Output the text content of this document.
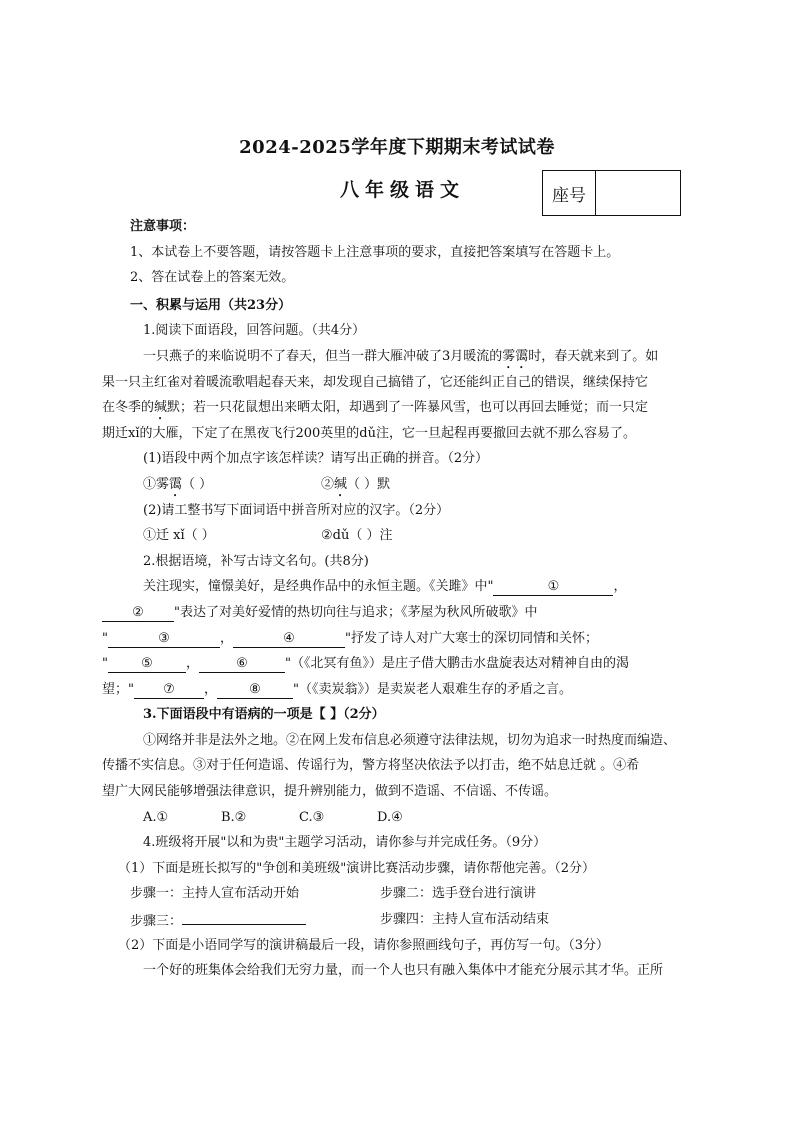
2024-2025学年度下期期末考试试卷
八年级语文	座号
注意事项：
1、本试卷上不要答题，请按答题卡上注意事项的要求，直接把答案填写在答题卡上。
2、答在试卷上的答案无效。
一、积累与运用（共23分）
1.阅读下面语段，回答问题。（共4分）
一只燕子的来临说明不了春天，但当一群大雁冲破了3月暖流的雾霭时，春天就来到了。如
果一只主红雀对着暖流歌唱起春天来，却发现自己搞错了，它还能纠正自己的错误，继续保持它
在冬季的缄默；若一只花鼠想出来晒太阳，却遇到了一阵暴风雪，也可以再回去睡觉；而一只定
期迁xǐ的大雁，下定了在黑夜飞行200英里的dǔ注，它一旦起程再要撤回去就不那么容易了。
(1)语段中两个加点字该怎样读？请写出正确的拼音。（2分）
①雾霭（ ）	②缄（ ）默
(2)请工整书写下面词语中拼音所对应的汉字。（2分）
①迁 xǐ（ ）	②dǔ（ ）注
2.根据语境，补写古诗文名句。(共8分)
关注现实，憧憬美好，是经典作品中的永恒主题。《关雎》中"	①	，
② "表达了对美好爱情的热切向往与追求；《茅屋为秋风所破歌》中
"	③	，	④	"抒发了诗人对广大寒士的深切同情和关怀；
"	⑤	，	⑥	"（《北冥有鱼》）是庄子借大鹏击水盘旋表达对精神自由的渴
望；" ⑦ ， ⑧ "（《卖炭翁》）是卖炭老人艰难生存的矛盾之言。
3.下面语段中有语病的一项是【 】（2分）
①网络并非是法外之地。②在网上发布信息必须遵守法律法规，切勿为追求一时热度而编造、
传播不实信息。③对于任何造谣、传谣行为，警方将坚决依法予以打击，绝不姑息迁就 。④希
望广大网民能够增强法律意识，提升辨别能力，做到不造谣、不信谣、不传谣。
A.①	B.②	C.③	D.④
4.班级将开展"以和为贵"主题学习活动，请你参与并完成任务。（9分）
（1）下面是班长拟写的"争创和美班级"演讲比赛活动步骤，请你帮他完善。（2分）
步骤一：主持人宣布活动开始	步骤二：选手登台进行演讲
步骤三：	步骤四：主持人宣布活动结束
（2）下面是小语同学写的演讲稿最后一段，请你参照画线句子，再仿写一句。（3分）
一个好的班集体会给我们无穷力量，而一个人也只有融入集体中才能充分展示其才华。正所
